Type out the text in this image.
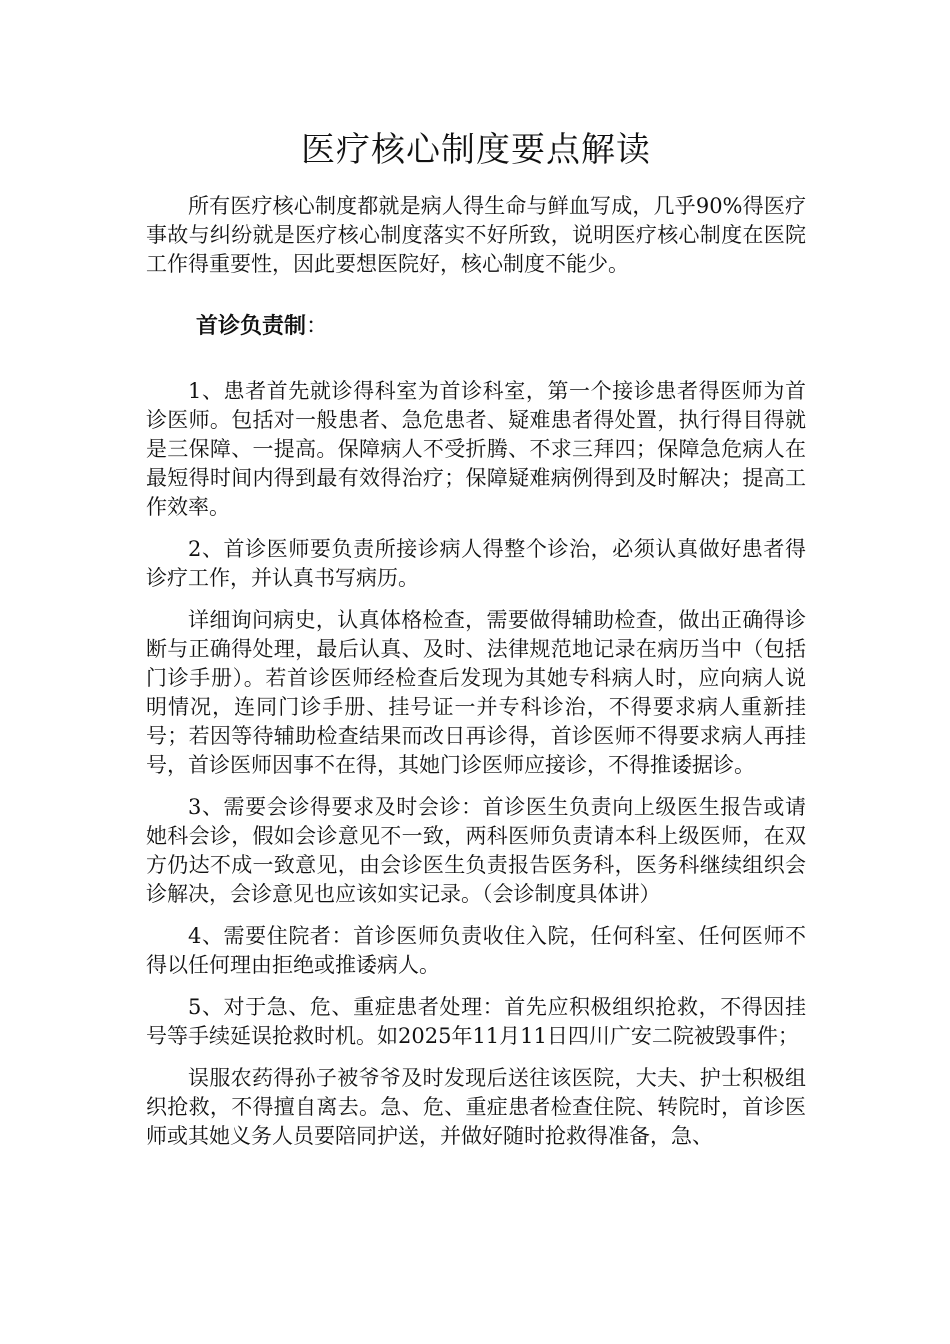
医疗核心制度要点解读

所有医疗核心制度都就是病人得生命与鲜血写成，几乎90%得医疗事故与纠纷就是医疗核心制度落实不好所致，说明医疗核心制度在医院工作得重要性，因此要想医院好，核心制度不能少。

首诊负责制：

1、患者首先就诊得科室为首诊科室，第一个接诊患者得医师为首诊医师。包括对一般患者、急危患者、疑难患者得处置，执行得目得就是三保障、一提高。保障病人不受折腾、不求三拜四；保障急危病人在最短得时间内得到最有效得治疗；保障疑难病例得到及时解决；提高工作效率。

2、首诊医师要负责所接诊病人得整个诊治，必须认真做好患者得诊疗工作，并认真书写病历。

详细询问病史，认真体格检查，需要做得辅助检查，做出正确得诊断与正确得处理，最后认真、及时、法律规范地记录在病历当中（包括门诊手册）。若首诊医师经检查后发现为其她专科病人时，应向病人说明情况，连同门诊手册、挂号证一并专科诊治，不得要求病人重新挂号；若因等待辅助检查结果而改日再诊得，首诊医师不得要求病人再挂号，首诊医师因事不在得，其她门诊医师应接诊，不得推诿据诊。

3、需要会诊得要求及时会诊：首诊医生负责向上级医生报告或请她科会诊，假如会诊意见不一致，两科医师负责请本科上级医师，在双方仍达不成一致意见，由会诊医生负责报告医务科，医务科继续组织会诊解决，会诊意见也应该如实记录。（会诊制度具体讲）

4、需要住院者：首诊医师负责收住入院，任何科室、任何医师不得以任何理由拒绝或推诿病人。

5、对于急、危、重症患者处理：首先应积极组织抢救，不得因挂号等手续延误抢救时机。如2025年11月11日四川广安二院被毁事件；

误服农药得孙子被爷爷及时发现后送往该医院，大夫、护士积极组织抢救，不得擅自离去。急、危、重症患者检查住院、转院时，首诊医师或其她义务人员要陪同护送，并做好随时抢救得准备，急、
